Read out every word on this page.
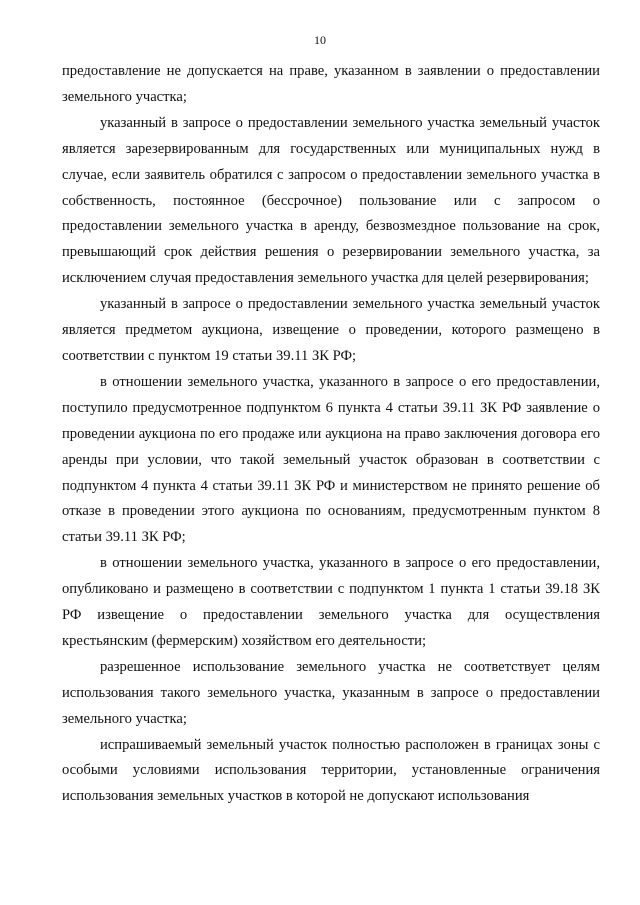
10

предоставление не допускается на праве, указанном в заявлении о предоставлении земельного участка;

указанный в запросе о предоставлении земельного участка земельный участок является зарезервированным для государственных или муниципальных нужд в случае, если заявитель обратился с запросом о предоставлении земельного участка в собственность, постоянное (бессрочное) пользование или с запросом о предоставлении земельного участка в аренду, безвозмездное пользование на срок, превышающий срок действия решения о резервировании земельного участка, за исключением случая предоставления земельного участка для целей резервирования;

указанный в запросе о предоставлении земельного участка земельный участок является предметом аукциона, извещение о проведении, которого размещено в соответствии с пунктом 19 статьи 39.11 ЗК РФ;

в отношении земельного участка, указанного в запросе о его предоставлении, поступило предусмотренное подпунктом 6 пункта 4 статьи 39.11 ЗК РФ заявление о проведении аукциона по его продаже или аукциона на право заключения договора его аренды при условии, что такой земельный участок образован в соответствии с подпунктом 4 пункта 4 статьи 39.11 ЗК РФ и министерством не принято решение об отказе в проведении этого аукциона по основаниям, предусмотренным пунктом 8 статьи 39.11 ЗК РФ;

в отношении земельного участка, указанного в запросе о его предоставлении, опубликовано и размещено в соответствии с подпунктом 1 пункта 1 статьи 39.18 ЗК РФ извещение о предоставлении земельного участка для осуществления крестьянским (фермерским) хозяйством его деятельности;

разрешенное использование земельного участка не соответствует целям использования такого земельного участка, указанным в запросе о предоставлении земельного участка;

испрашиваемый земельный участок полностью расположен в границах зоны с особыми условиями использования территории, установленные ограничения использования земельных участков в которой не допускают использования
